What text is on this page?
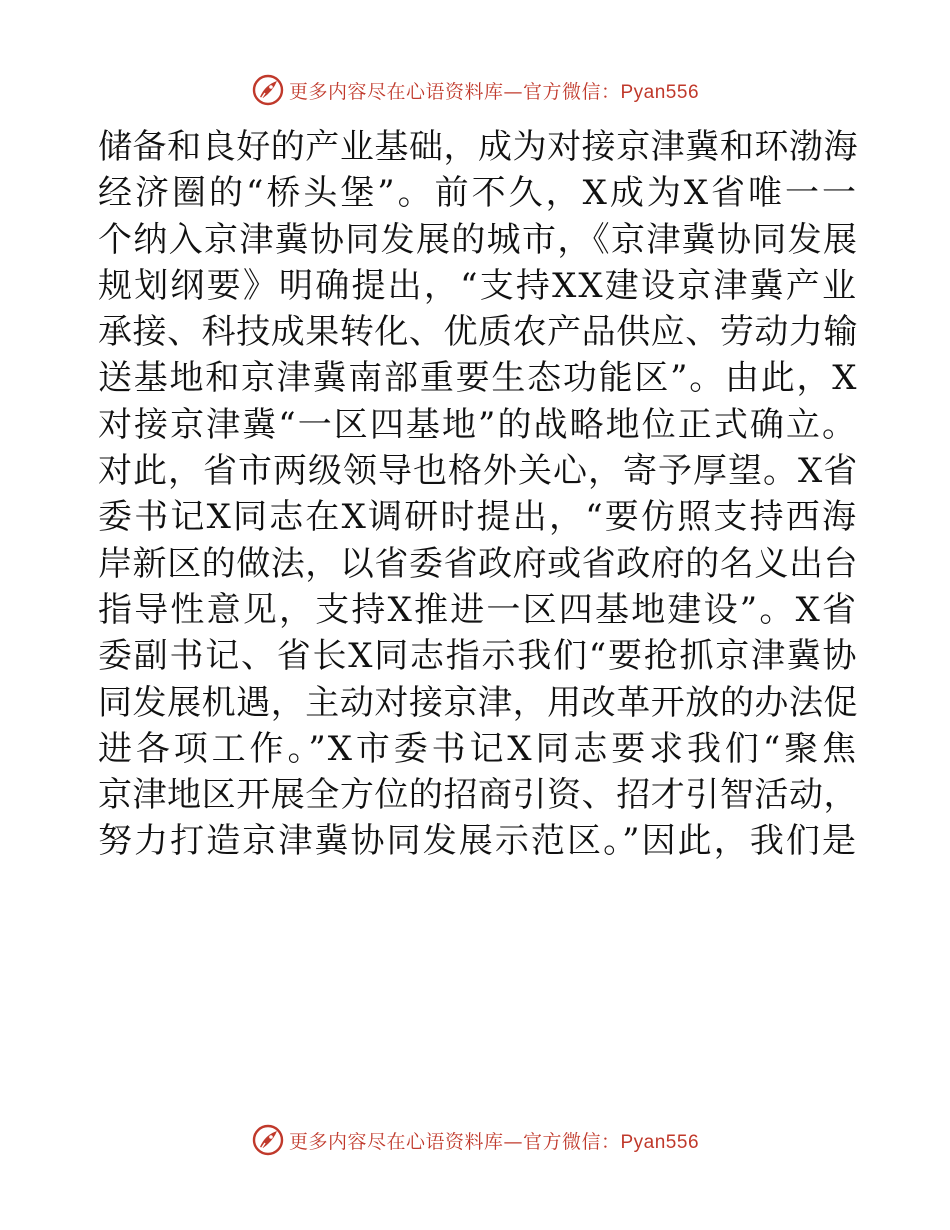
更多内容尽在心语资料库—官方微信：Pyan556
储备和良好的产业基础，成为对接京津冀和环渤海
经济圈的“桥头堡”。前不久，X成为X省唯一一
个纳入京津冀协同发展的城市，《京津冀协同发展
规划纲要》明确提出，“支持XX建设京津冀产业
承接、科技成果转化、优质农产品供应、劳动力输
送基地和京津冀南部重要生态功能区”。由此，X
对接京津冀“一区四基地”的战略地位正式确立。
对此，省市两级领导也格外关心，寄予厚望。X省
委书记X同志在X调研时提出，“要仿照支持西海
岸新区的做法，以省委省政府或省政府的名义出台
指导性意见，支持X推进一区四基地建设”。X省
委副书记、省长X同志指示我们“要抢抓京津冀协
同发展机遇，主动对接京津，用改革开放的办法促
进各项工作。”X市委书记X同志要求我们“聚焦
京津地区开展全方位的招商引资、招才引智活动，
努力打造京津冀协同发展示范区。”因此，我们是
更多内容尽在心语资料库—官方微信：Pyan556
